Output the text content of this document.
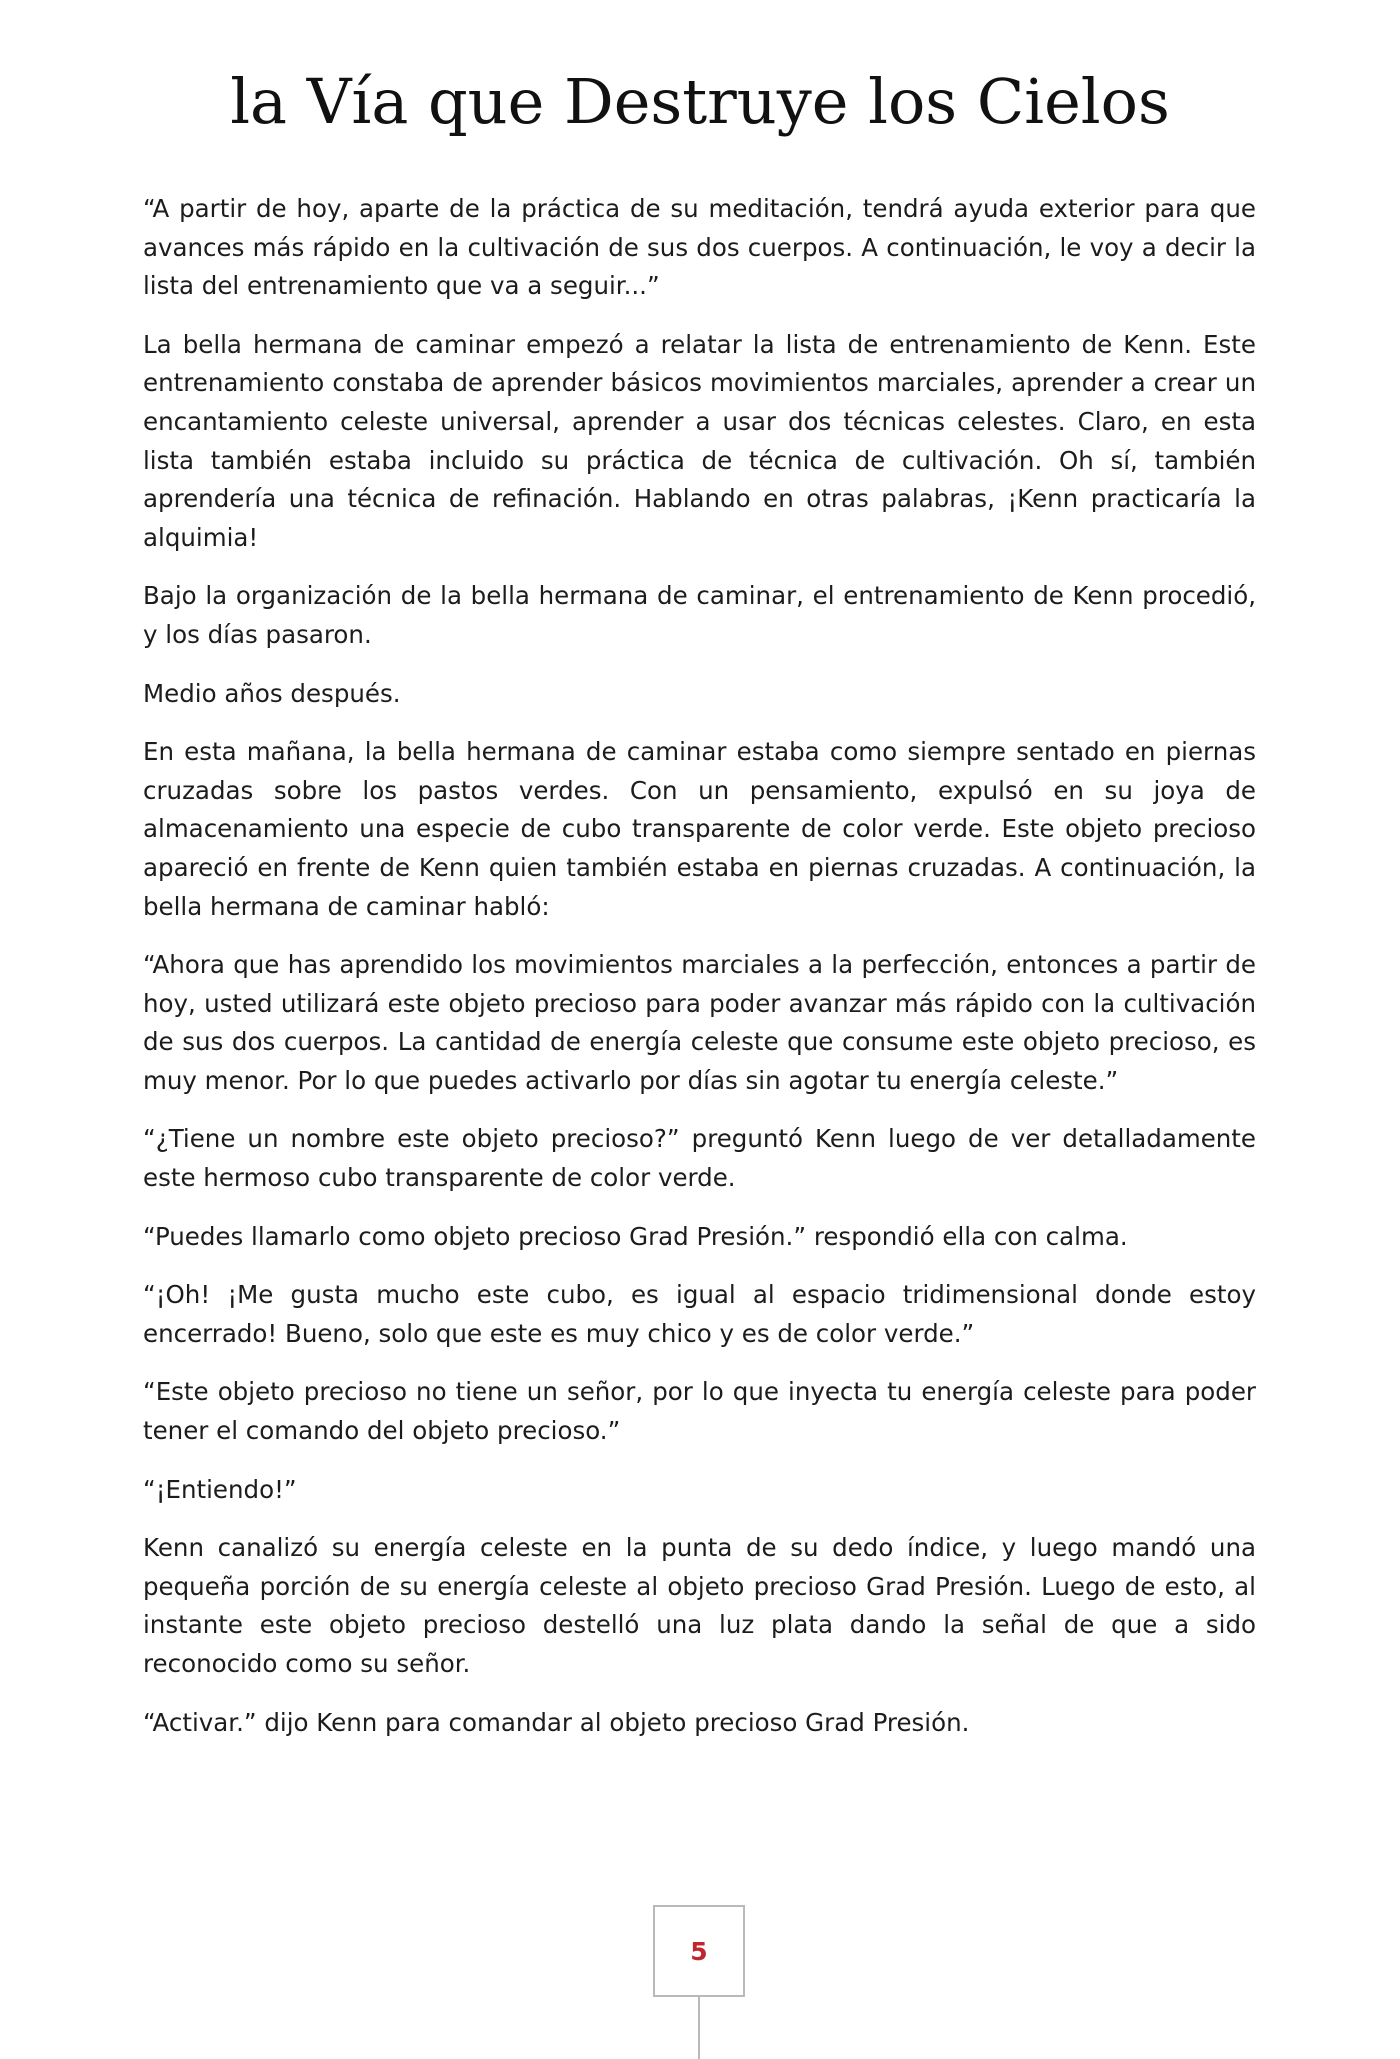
la Vía que Destruye los Cielos

“A partir de hoy, aparte de la práctica de su meditación, tendrá ayuda exterior para que avances más rápido en la cultivación de sus dos cuerpos. A continuación, le voy a decir la lista del entrenamiento que va a seguir...”

La bella hermana de caminar empezó a relatar la lista de entrenamiento de Kenn. Este entrenamiento constaba de aprender básicos movimientos marciales, aprender a crear un encantamiento celeste universal, aprender a usar dos técnicas celestes. Claro, en esta lista también estaba incluido su práctica de técnica de cultivación. Oh sí, también aprendería una técnica de refinación. Hablando en otras palabras, ¡Kenn practicaría la alquimia!

Bajo la organización de la bella hermana de caminar, el entrenamiento de Kenn procedió, y los días pasaron.

Medio años después.

En esta mañana, la bella hermana de caminar estaba como siempre sentado en piernas cruzadas sobre los pastos verdes. Con un pensamiento, expulsó en su joya de almacenamiento una especie de cubo transparente de color verde. Este objeto precioso apareció en frente de Kenn quien también estaba en piernas cruzadas. A continuación, la bella hermana de caminar habló:

“Ahora que has aprendido los movimientos marciales a la perfección, entonces a partir de hoy, usted utilizará este objeto precioso para poder avanzar más rápido con la cultivación de sus dos cuerpos. La cantidad de energía celeste que consume este objeto precioso, es muy menor. Por lo que puedes activarlo por días sin agotar tu energía celeste.”

“¿Tiene un nombre este objeto precioso?” preguntó Kenn luego de ver detalladamente este hermoso cubo transparente de color verde.

“Puedes llamarlo como objeto precioso Grad Presión.” respondió ella con calma.

“¡Oh! ¡Me gusta mucho este cubo, es igual al espacio tridimensional donde estoy encerrado! Bueno, solo que este es muy chico y es de color verde.”

“Este objeto precioso no tiene un señor, por lo que inyecta tu energía celeste para poder tener el comando del objeto precioso.”

“¡Entiendo!”

Kenn canalizó su energía celeste en la punta de su dedo índice, y luego mandó una pequeña porción de su energía celeste al objeto precioso Grad Presión. Luego de esto, al instante este objeto precioso destelló una luz plata dando la señal de que a sido reconocido como su señor.

“Activar.” dijo Kenn para comandar al objeto precioso Grad Presión.

5
